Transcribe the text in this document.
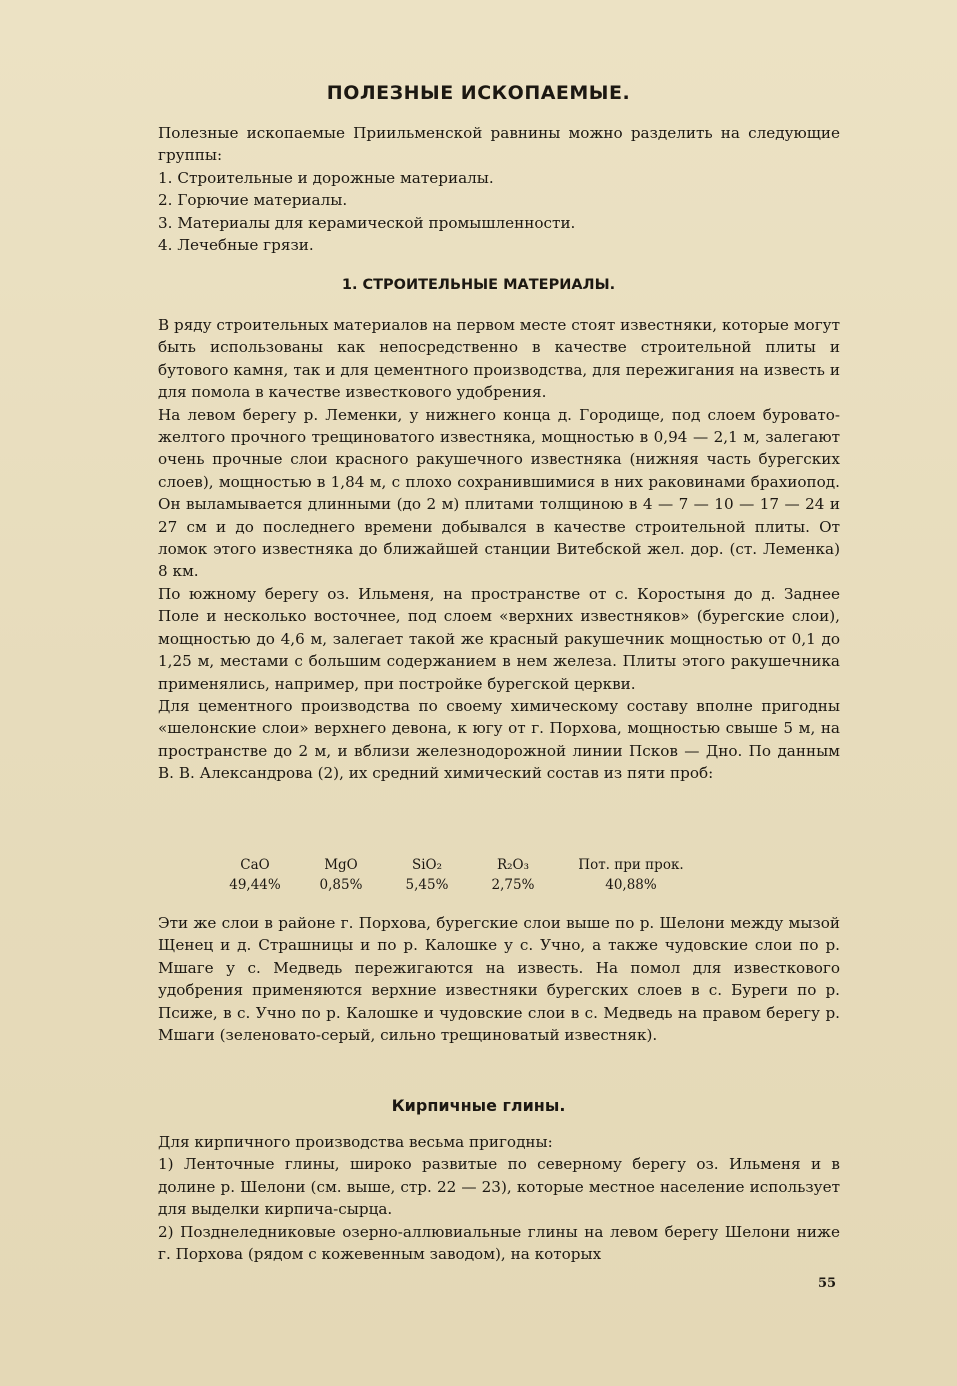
ПОЛЕЗНЫЕ ИСКОПАЕМЫЕ.

Полезные ископаемые Приильменской равнины можно разделить на следующие группы:

1. Строительные и дорожные материалы.
2. Горючие материалы.
3. Материалы для керамической промышленности.
4. Лечебные грязи.
1. СТРОИТЕЛЬНЫЕ МАТЕРИАЛЫ.

В ряду строительных материалов на первом месте стоят известняки, которые могут быть использованы как непосредственно в качестве строительной плиты и бутового камня, так и для цементного производства, для пережигания на известь и для помола в качестве известкового удобрения.

На левом берегу р. Леменки, у нижнего конца д. Городище, под слоем буровато-желтого прочного трещиноватого известняка, мощностью в 0,94 — 2,1 м, залегают очень прочные слои красного ракушечного известняка (нижняя часть бурегских слоев), мощностью в 1,84 м, с плохо сохранившимися в них раковинами брахиопод. Он выламывается длинными (до 2 м) плитами толщиною в 4 — 7 — 10 — 17 — 24 и 27 см и до последнего времени добывался в качестве строительной плиты. От ломок этого известняка до ближайшей станции Витебской жел. дор. (ст. Леменка) 8 км.

По южному берегу оз. Ильменя, на пространстве от с. Коростыня до д. Заднее Поле и несколько восточнее, под слоем «верхних известняков» (бурегские слои), мощностью до 4,6 м, залегает такой же красный ракушечник мощностью от 0,1 до 1,25 м, местами с большим содержанием в нем железа. Плиты этого ракушечника применялись, например, при постройке бурегской церкви.

Для цементного производства по своему химическому составу вполне пригодны «шелонские слои» верхнего девона, к югу от г. Порхова, мощностью свыше 5 м, на пространстве до 2 м, и вблизи железнодорожной линии Псков — Дно. По данным В. В. Александрова (2), их средний химический состав из пяти проб:

CaO	MgO	SiO₂	R₂O₃	Пот. при прок.
49,44%	0,85%	5,45%	2,75%	40,88%

Эти же слои в районе г. Порхова, бурегские слои выше по р. Шелони между мызой Щенец и д. Страшницы и по р. Калошке у с. Учно, а также чудовские слои по р. Мшаге у с. Медведь пережигаются на известь. На помол для известкового удобрения применяются верхние известняки бурегских слоев в с. Буреги по р. Псиже, в с. Учно по р. Калошке и чудовские слои в с. Медведь на правом берегу р. Мшаги (зеленовато-серый, сильно трещиноватый известняк).

Кирпичные глины.

Для кирпичного производства весьма пригодны:

1) Ленточные глины, широко развитые по северному берегу оз. Ильменя и в долине р. Шелони (см. выше, стр. 22 — 23), которые местное население использует для выделки кирпича-сырца.

2) Позднеледниковые озерно-аллювиальные глины на левом берегу Шелони ниже г. Порхова (рядом с кожевенным заводом), на которых

55
